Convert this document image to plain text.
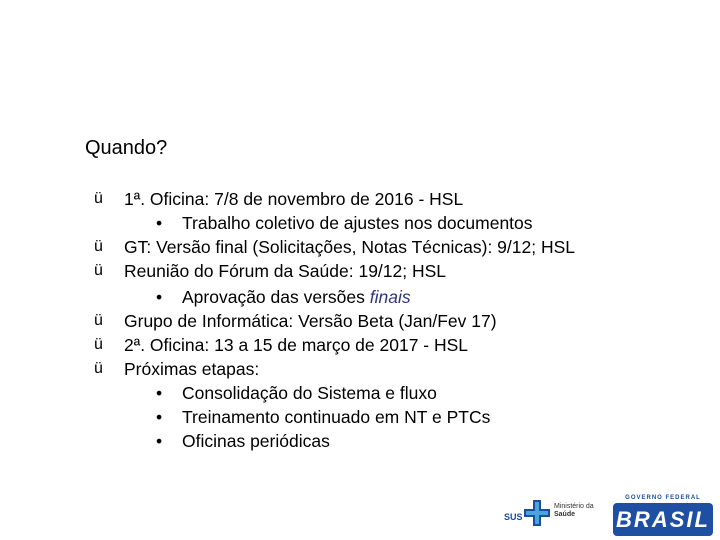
Quando?
ü 1ª. Oficina: 7/8 de novembro de 2016 - HSL
• Trabalho coletivo de ajustes nos documentos
ü GT: Versão final (Solicitações, Notas Técnicas): 9/12; HSL
ü Reunião do Fórum da Saúde: 19/12; HSL
• Aprovação das versões finais
ü Grupo de Informática: Versão Beta (Jan/Fev 17)
ü 2ª. Oficina: 13 a 15 de março de 2017 - HSL
ü Próximas etapas:
• Consolidação do Sistema e fluxo
• Treinamento continuado em NT e PTCs
• Oficinas periódicas
SUS
Ministério da
Saúde
GOVERNO FEDERAL
BRASIL
